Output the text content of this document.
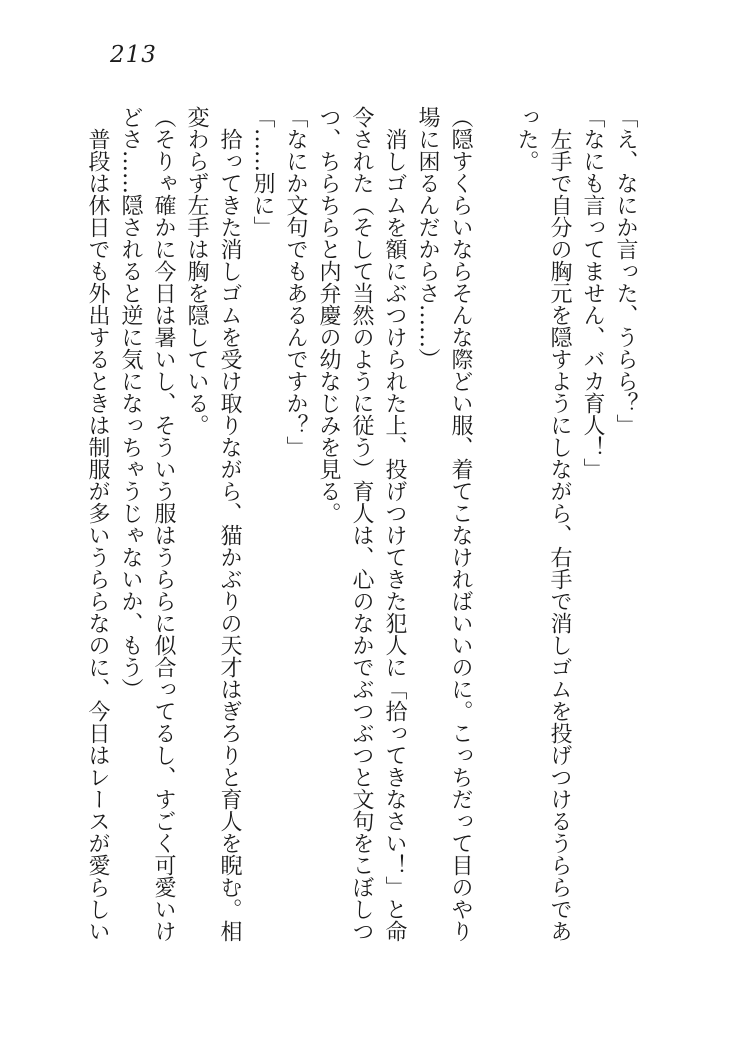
213
「え、なにか言った、うらら？」
「なにも言ってません、バカ育人！」
　左手で自分の胸元を隠すようにしながら、右手で消しゴムを投げつけるうららであ
った。

（隠すくらいならそんな際どい服、着てこなければいいのに。こっちだって目のやり
場に困るんだからさ……）
　消しゴムを額にぶつけられた上、投げつけてきた犯人に「拾ってきなさい！」と命
令された（そして当然のように従う）育人は、心のなかでぶつぶつと文句をこぼしつ
つ、ちらちらと内弁慶の幼なじみを見る。
「なにか文句でもあるんですか？」
「……別に」
　拾ってきた消しゴムを受け取りながら、猫かぶりの天才はぎろりと育人を睨む。相
変わらず左手は胸を隠している。
（そりゃ確かに今日は暑いし、そういう服はうららに似合ってるし、すごく可愛いけ
どさ……隠されると逆に気になっちゃうじゃないか、もう）
　普段は休日でも外出するときは制服が多いうららなのに、今日はレースが愛らしい
